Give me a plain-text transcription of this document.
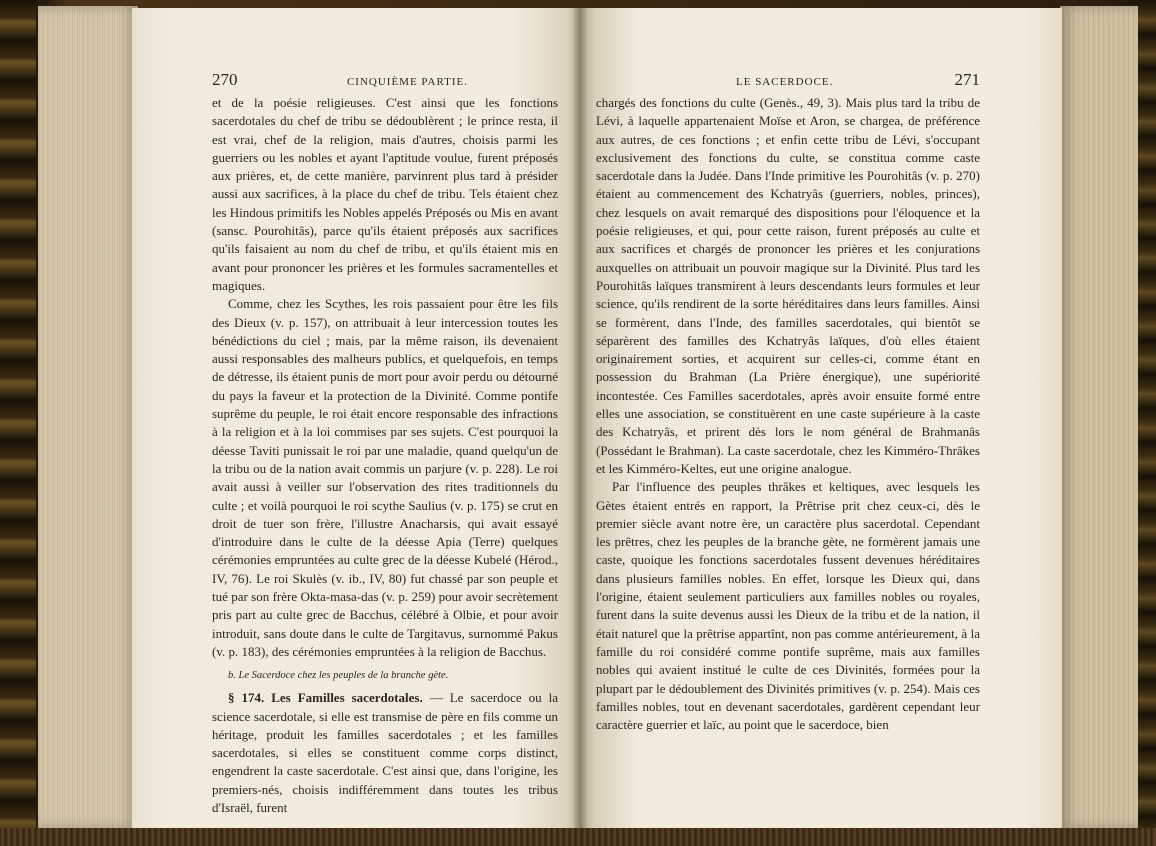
270	CINQUIÈME PARTIE.

et de la poésie religieuses. C'est ainsi que les fonctions sacerdotales du chef de tribu se dédoublèrent ; le prince resta, il est vrai, chef de la religion, mais d'autres, choisis parmi les guerriers ou les nobles et ayant l'aptitude voulue, furent préposés aux prières, et, de cette manière, parvinrent plus tard à présider aussi aux sacrifices, à la place du chef de tribu. Tels étaient chez les Hindous primitifs les Nobles appelés Préposés ou Mis en avant (sansc. Pourohitâs), parce qu'ils étaient préposés aux sacrifices qu'ils faisaient au nom du chef de tribu, et qu'ils étaient mis en avant pour prononcer les prières et les formules sacramentelles et magiques.

Comme, chez les Scythes, les rois passaient pour être les fils des Dieux (v. p. 157), on attribuait à leur intercession toutes les bénédictions du ciel ; mais, par la même raison, ils devenaient aussi responsables des malheurs publics, et quelquefois, en temps de détresse, ils étaient punis de mort pour avoir perdu ou détourné du pays la faveur et la protection de la Divinité. Comme pontife suprême du peuple, le roi était encore responsable des infractions à la religion et à la loi commises par ses sujets. C'est pourquoi la déesse Taviti punissait le roi par une maladie, quand quelqu'un de la tribu ou de la nation avait commis un parjure (v. p. 228). Le roi avait aussi à veiller sur l'observation des rites traditionnels du culte ; et voilà pourquoi le roi scythe Saulius (v. p. 175) se crut en droit de tuer son frère, l'illustre Anacharsis, qui avait essayé d'introduire dans le culte de la déesse Apia (Terre) quelques cérémonies empruntées au culte grec de la déesse Kubelé (Hérod., IV, 76). Le roi Skulès (v. ib., IV, 80) fut chassé par son peuple et tué par son frère Okta-masa-das (v. p. 259) pour avoir secrètement pris part au culte grec de Bacchus, célébré à Olbie, et pour avoir introduit, sans doute dans le culte de Targitavus, surnommé Pakus (v. p. 183), des cérémonies empruntées à la religion de Bacchus.

b. Le Sacerdoce chez les peuples de la branche gète.

§ 174. Les Familles sacerdotales. — Le sacerdoce ou la science sacerdotale, si elle est transmise de père en fils comme un héritage, produit les familles sacerdotales ; et les familles sacerdotales, si elles se constituent comme corps distinct, engendrent la caste sacerdotale. C'est ainsi que, dans l'origine, les premiers-nés, choisis indifféremment dans toutes les tribus d'Israël, furent

LE SACERDOCE.	271

chargés des fonctions du culte (Genès., 49, 3). Mais plus tard la tribu de Lévi, à laquelle appartenaient Moïse et Aron, se chargea, de préférence aux autres, de ces fonctions ; et enfin cette tribu de Lévi, s'occupant exclusivement des fonctions du culte, se constitua comme caste sacerdotale dans la Judée. Dans l'Inde primitive les Pourohitâs (v. p. 270) étaient au commencement des Kchatryâs (guerriers, nobles, princes), chez lesquels on avait remarqué des dispositions pour l'éloquence et la poésie religieuses, et qui, pour cette raison, furent préposés au culte et aux sacrifices et chargés de prononcer les prières et les conjurations auxquelles on attribuait un pouvoir magique sur la Divinité. Plus tard les Pourohitâs laïques transmirent à leurs descendants leurs formules et leur science, qu'ils rendirent de la sorte héréditaires dans leurs familles. Ainsi se formèrent, dans l'Inde, des familles sacerdotales, qui bientôt se séparèrent des familles des Kchatryâs laïques, d'où elles étaient originairement sorties, et acquirent sur celles-ci, comme étant en possession du Brahman (La Prière énergique), une supériorité incontestée. Ces Familles sacerdotales, après avoir ensuite formé entre elles une association, se constituèrent en une caste supérieure à la caste des Kchatryâs, et prirent dès lors le nom général de Brahmanâs (Possédant le Brahman). La caste sacerdotale, chez les Kimméro-Thrâkes et les Kimméro-Keltes, eut une origine analogue.

Par l'influence des peuples thrâkes et keltiques, avec lesquels les Gètes étaient entrés en rapport, la Prêtrise prit chez ceux-ci, dès le premier siècle avant notre ère, un caractère plus sacerdotal. Cependant les prêtres, chez les peuples de la branche gète, ne formèrent jamais une caste, quoique les fonctions sacerdotales fussent devenues héréditaires dans plusieurs familles nobles. En effet, lorsque les Dieux qui, dans l'origine, étaient seulement particuliers aux familles nobles ou royales, furent dans la suite devenus aussi les Dieux de la tribu et de la nation, il était naturel que la prêtrise appartînt, non pas comme antérieurement, à la famille du roi considéré comme pontife suprême, mais aux familles nobles qui avaient institué le culte de ces Divinités, formées pour la plupart par le dédoublement des Divinités primitives (v. p. 254). Mais ces familles nobles, tout en devenant sacerdotales, gardèrent cependant leur caractère guerrier et laïc, au point que le sacerdoce, bien
